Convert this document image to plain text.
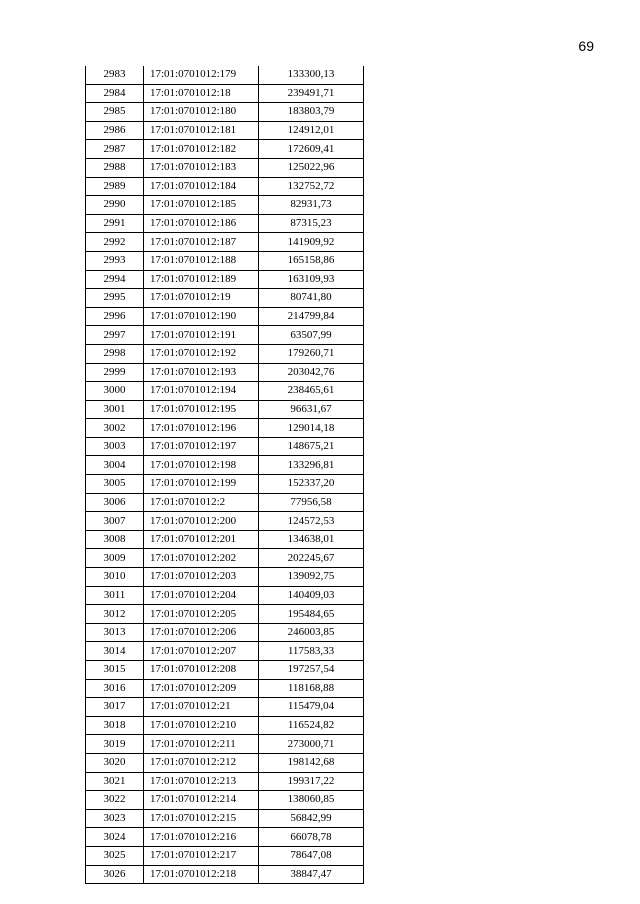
69
2983	17:01:0701012:179	133300,13
2984	17:01:0701012:18	239491,71
2985	17:01:0701012:180	183803,79
2986	17:01:0701012:181	124912,01
2987	17:01:0701012:182	172609,41
2988	17:01:0701012:183	125022,96
2989	17:01:0701012:184	132752,72
2990	17:01:0701012:185	82931,73
2991	17:01:0701012:186	87315,23
2992	17:01:0701012:187	141909,92
2993	17:01:0701012:188	165158,86
2994	17:01:0701012:189	163109,93
2995	17:01:0701012:19	80741,80
2996	17:01:0701012:190	214799,84
2997	17:01:0701012:191	63507,99
2998	17:01:0701012:192	179260,71
2999	17:01:0701012:193	203042,76
3000	17:01:0701012:194	238465,61
3001	17:01:0701012:195	96631,67
3002	17:01:0701012:196	129014,18
3003	17:01:0701012:197	148675,21
3004	17:01:0701012:198	133296,81
3005	17:01:0701012:199	152337,20
3006	17:01:0701012:2	77956,58
3007	17:01:0701012:200	124572,53
3008	17:01:0701012:201	134638,01
3009	17:01:0701012:202	202245,67
3010	17:01:0701012:203	139092,75
3011	17:01:0701012:204	140409,03
3012	17:01:0701012:205	195484,65
3013	17:01:0701012:206	246003,85
3014	17:01:0701012:207	117583,33
3015	17:01:0701012:208	197257,54
3016	17:01:0701012:209	118168,88
3017	17:01:0701012:21	115479,04
3018	17:01:0701012:210	116524,82
3019	17:01:0701012:211	273000,71
3020	17:01:0701012:212	198142,68
3021	17:01:0701012:213	199317,22
3022	17:01:0701012:214	138060,85
3023	17:01:0701012:215	56842,99
3024	17:01:0701012:216	66078,78
3025	17:01:0701012:217	78647,08
3026	17:01:0701012:218	38847,47
